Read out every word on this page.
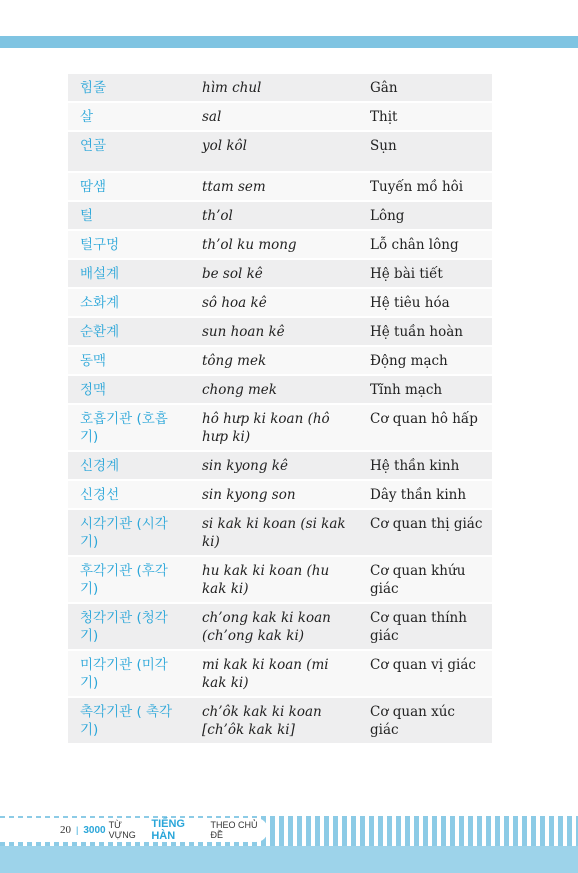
힘줄	hìm chul	Gân
살	sal	Thịt
연골	yol kôl	Sụn
땀샘	ttam sem	Tuyến mồ hôi
털	th’ol	Lông
털구멍	th’ol ku mong	Lỗ chân lông
배설계	be sol kê	Hệ bài tiết
소화계	sô hoa kê	Hệ tiêu hóa
순환계	sun hoan kê	Hệ tuần hoàn
동맥	tông mek	Động mạch
정맥	chong mek	Tĩnh mạch
호흡기관 (호흡기)	hô hưp ki koan (hô hưp ki)	Cơ quan hô hấp
신경계	sin kyong kê	Hệ thần kinh
신경선	sin kyong son	Dây thần kinh
시각기관 (시각기)	si kak ki koan (si kak ki)	Cơ quan thị giác
후각기관 (후각기)	hu kak ki koan (hu kak ki)	Cơ quan khứu giác
청각기관 (청각기)	ch’ong kak ki koan (ch’ong kak ki)	Cơ quan thính giác
미각기관 (미각기)	mi kak ki koan (mi kak ki)	Cơ quan vị giác
촉각기관 ( 촉각기)	ch’ôk kak ki koan [ch’ôk kak ki]	Cơ quan xúc giác
20 | 3000 TỪ VỰNG
TIẾNG HÀN
THEO CHỦ ĐỀ
